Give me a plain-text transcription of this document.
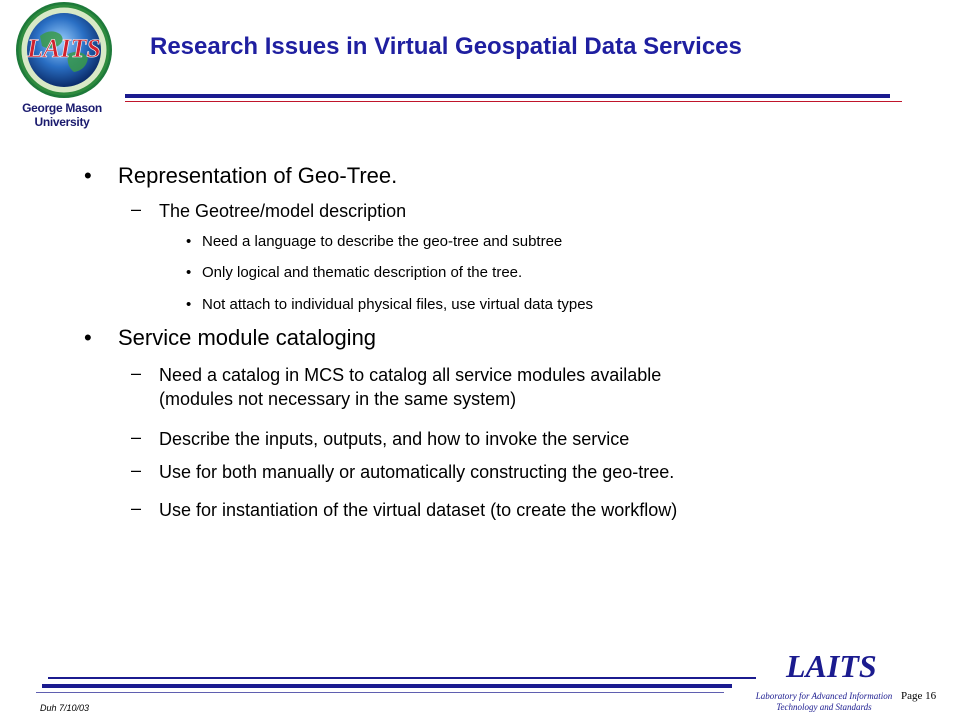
LAITS
George Mason University
Research Issues in Virtual Geospatial Data Services
• Representation of Geo-Tree.
– The Geotree/model description
• Need a language to describe the geo-tree and subtree
• Only logical and thematic description of the tree.
• Not attach to individual physical files, use virtual data types
• Service module cataloging
– Need a catalog in MCS to catalog all service modules available
(modules not necessary in the same system)
– Describe the inputs, outputs, and how to invoke the service
– Use for both manually or automatically constructing the geo-tree.
– Use for instantiation of the virtual dataset (to create the workflow)
LAITS
Laboratory for Advanced Information
Technology and Standards
Page 16
Duh 7/10/03
